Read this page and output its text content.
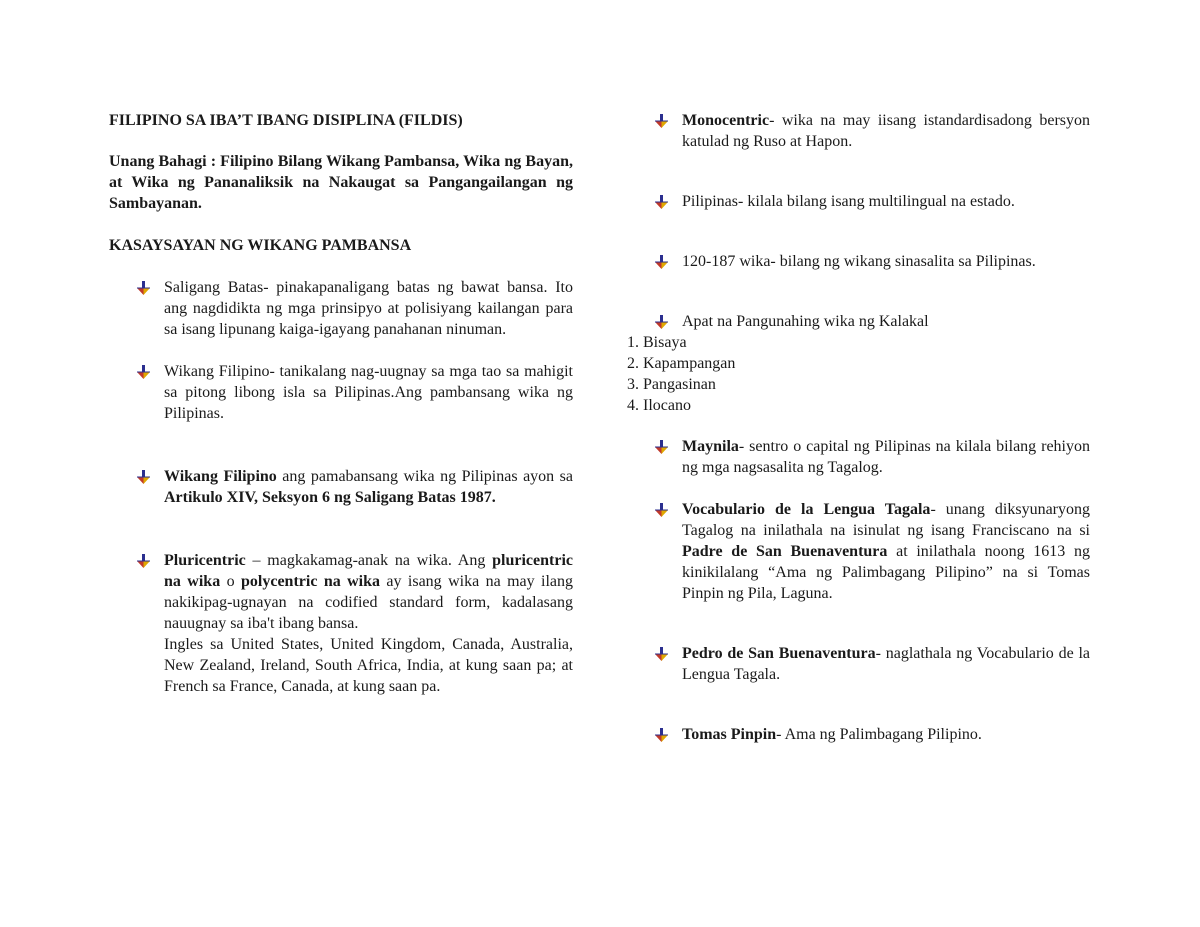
FILIPINO SA IBA’T IBANG DISIPLINA (FILDIS)

Unang Bahagi : Filipino Bilang Wikang Pambansa, Wika ng Bayan, at Wika ng Pananaliksik na Nakaugat sa Pangangailangan ng Sambayanan.

KASAYSAYAN NG WIKANG PAMBANSA

Saligang Batas- pinakapanaligang batas ng bawat bansa. Ito ang nagdidikta ng mga prinsipyo at polisiyang kailangan para sa isang lipunang kaiga-igayang panahanan ninuman.

Wikang Filipino- tanikalang nag-uugnay sa mga tao sa mahigit sa pitong libong isla sa Pilipinas.Ang pambansang wika ng Pilipinas.

Wikang Filipino ang pamabansang wika ng Pilipinas ayon sa Artikulo XIV, Seksyon 6 ng Saligang Batas 1987.

Pluricentric – magkakamag-anak na wika. Ang pluricentric na wika o polycentric na wika ay isang wika na may ilang nakikipag-ugnayan na codified standard form, kadalasang nauugnay sa iba't ibang bansa.

Ingles sa United States, United Kingdom, Canada, Australia, New Zealand, Ireland, South Africa, India, at kung saan pa; at French sa France, Canada, at kung saan pa.

Monocentric- wika na may iisang istandardisadong bersyon katulad ng Ruso at Hapon.

Pilipinas- kilala bilang isang multilingual na estado.

120-187 wika- bilang ng wikang sinasalita sa Pilipinas.

Apat na Pangunahing wika ng Kalakal

1. Bisaya
2. Kapampangan
3. Pangasinan
4. Ilocano

Maynila- sentro o capital ng Pilipinas na kilala bilang rehiyon ng mga nagsasalita ng Tagalog.

Vocabulario de la Lengua Tagala- unang diksyunaryong Tagalog na inilathala na isinulat ng isang Franciscano na si Padre de San Buenaventura at inilathala noong 1613 ng kinikilalang “Ama ng Palimbagang Pilipino” na si Tomas Pinpin ng Pila, Laguna.

Pedro de San Buenaventura- naglathala ng Vocabulario de la Lengua Tagala.

Tomas Pinpin- Ama ng Palimbagang Pilipino.
